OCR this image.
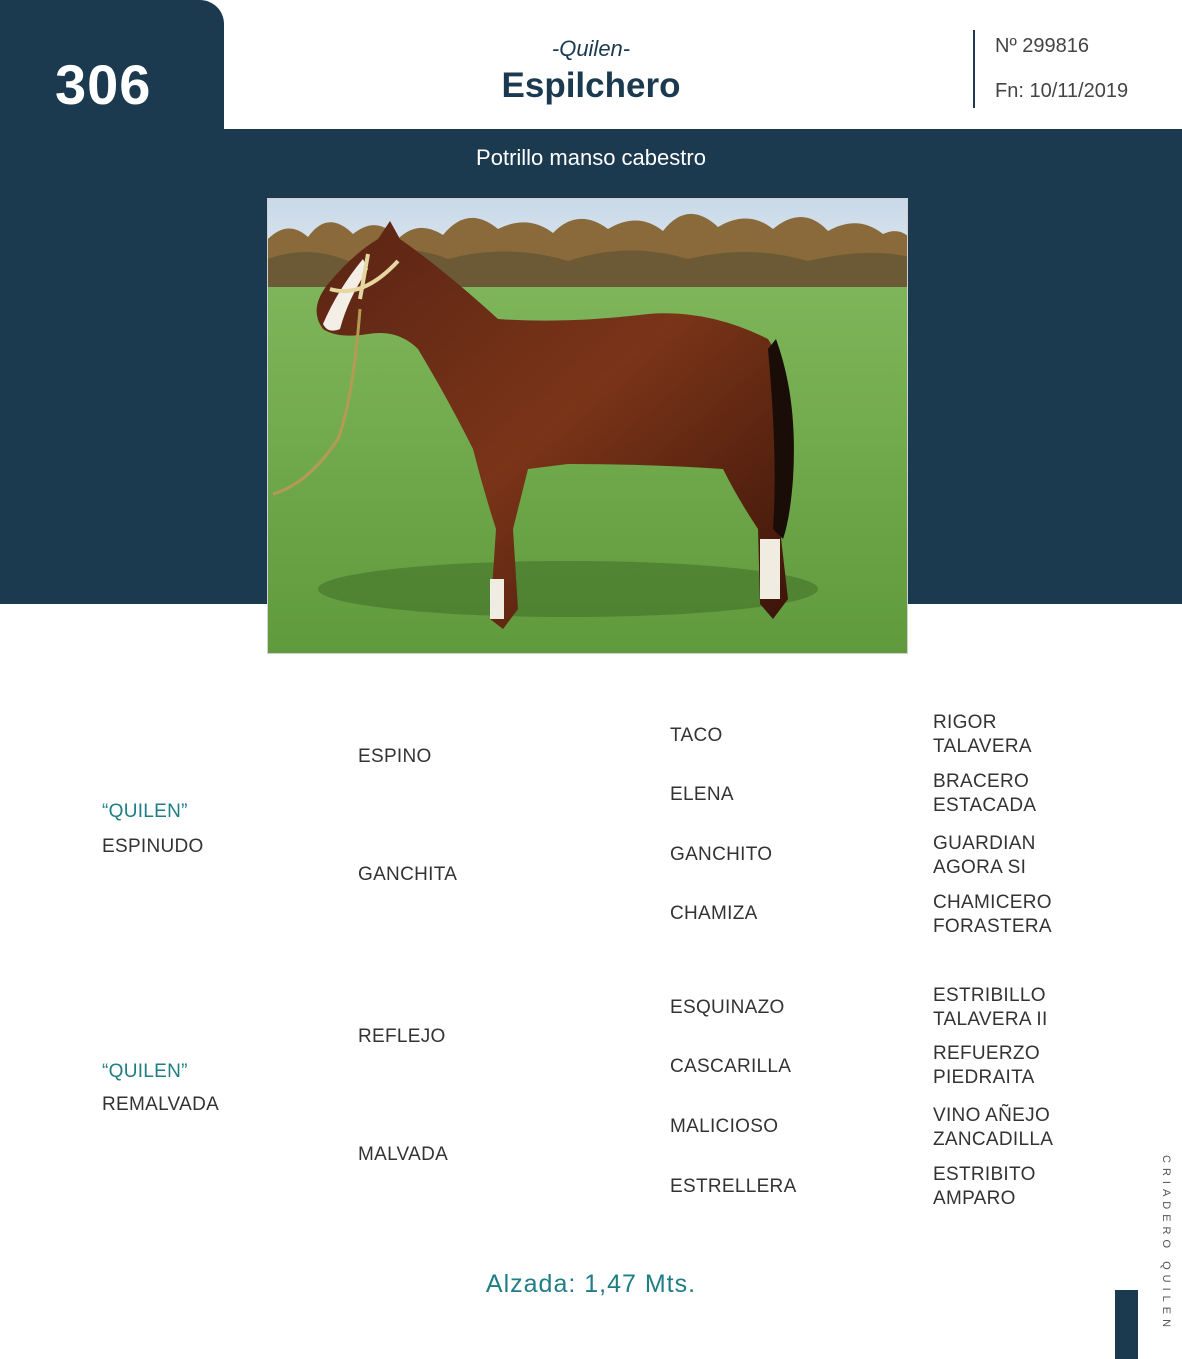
306
-Quilen-
Espilchero
Nº 299816
Fn: 10/11/2019
Potrillo manso cabestro
“QUILEN”
ESPINUDO
“QUILEN”
REMALVADA
ESPINO
GANCHITA
REFLEJO
MALVADA
TACO
ELENA
GANCHITO
CHAMIZA
ESQUINAZO
CASCARILLA
MALICIOSO
ESTRELLERA
RIGOR
TALAVERA
BRACERO
ESTACADA
GUARDIAN
AGORA SI
CHAMICERO
FORASTERA
ESTRIBILLO
TALAVERA II
REFUERZO
PIEDRAITA
VINO AÑEJO
ZANCADILLA
ESTRIBITO
AMPARO
Alzada: 1,47 Mts.	CRIADERO QUILEN
